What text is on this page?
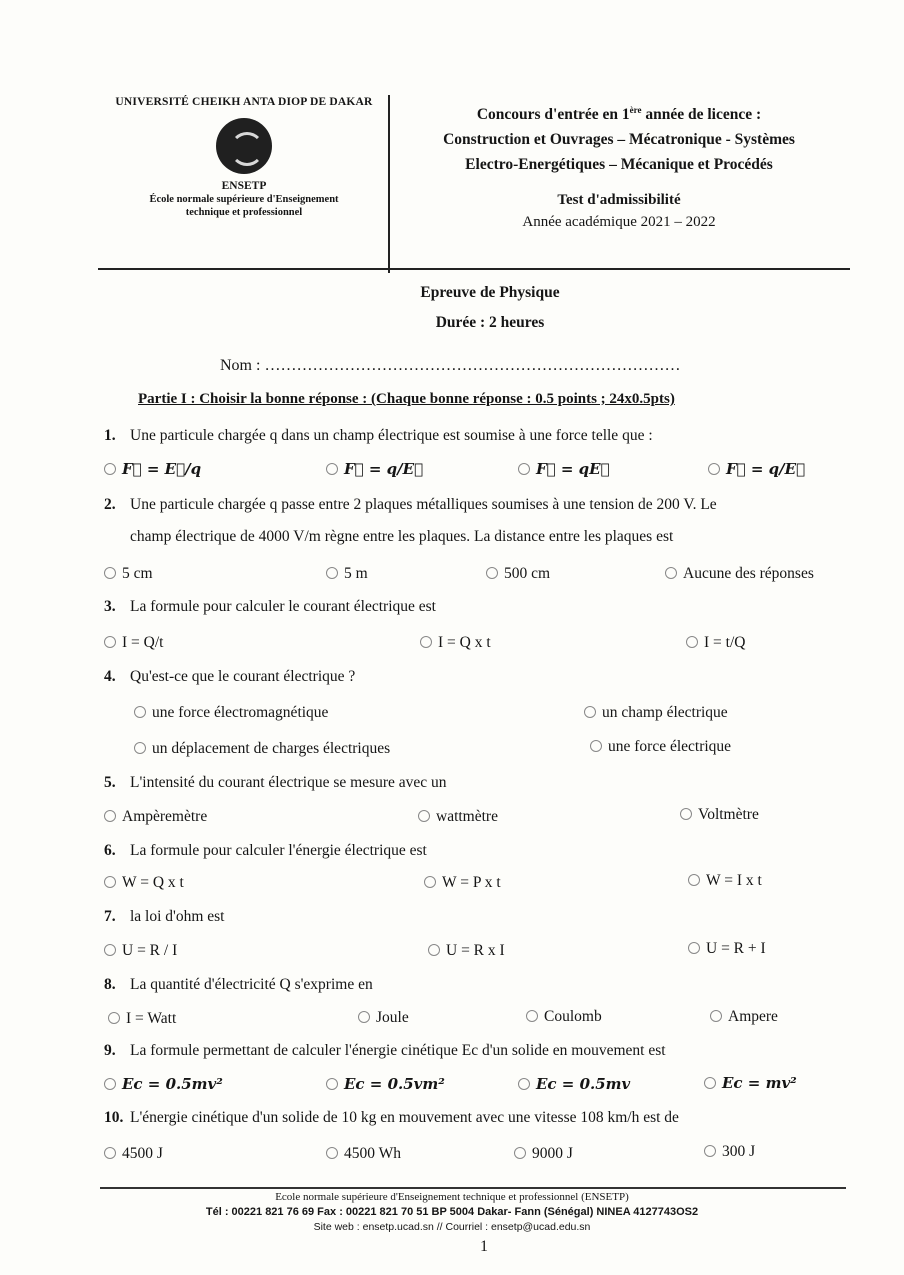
UNIVERSITÉ CHEIKH ANTA DIOP DE DAKAR
ENSETP
École normale supérieure d'Enseignement
technique et professionnel
Concours d'entrée en 1ère année de licence :
Construction et Ouvrages – Mécatronique - Systèmes
Electro-Energétiques – Mécanique et Procédés
Test d'admissibilité
Année académique 2021 – 2022
Epreuve de Physique
Durée : 2 heures
Nom : ……………………………………………………………………
Partie I : Choisir la bonne réponse : (Chaque bonne réponse : 0.5 points ; 24x0.5pts)
1. Une particule chargée q dans un champ électrique est soumise à une force telle que :
F⃗ = E⃗/q	F⃗ = q/E⃗	F⃗ = qE⃗	F⃗ = q/E⃗
2. Une particule chargée q passe entre 2 plaques métalliques soumises à une tension de 200 V. Le
champ électrique de 4000 V/m règne entre les plaques. La distance entre les plaques est
5 cm	5 m	500 cm	Aucune des réponses
3. La formule pour calculer le courant électrique est
I = Q/t	I = Q x t	I = t/Q
4. Qu'est-ce que le courant électrique ?
une force électromagnétique	un champ électrique
un déplacement de charges électriques	une force électrique
5. L'intensité du courant électrique se mesure avec un
Ampèremètre	wattmètre	Voltmètre
6. La formule pour calculer l'énergie électrique est
W = Q x t	W = P x t	W = I x t
7. la loi d'ohm est
U = R / I	U = R x I	U = R + I
8. La quantité d'électricité Q s'exprime en
I = Watt	Joule	Coulomb	Ampere
9. La formule permettant de calculer l'énergie cinétique Ec d'un solide en mouvement est
Ec = 0.5mv²	Ec = 0.5vm²	Ec = 0.5mv	Ec = mv²
10. L'énergie cinétique d'un solide de 10 kg en mouvement avec une vitesse 108 km/h est de
4500 J	4500 Wh	9000 J	300 J
Ecole normale supérieure d'Enseignement technique et professionnel (ENSETP)
Tél : 00221 821 76 69 Fax : 00221 821 70 51 BP 5004 Dakar- Fann (Sénégal) NINEA 4127743OS2
Site web : ensetp.ucad.sn // Courriel : ensetp@ucad.edu.sn
1
